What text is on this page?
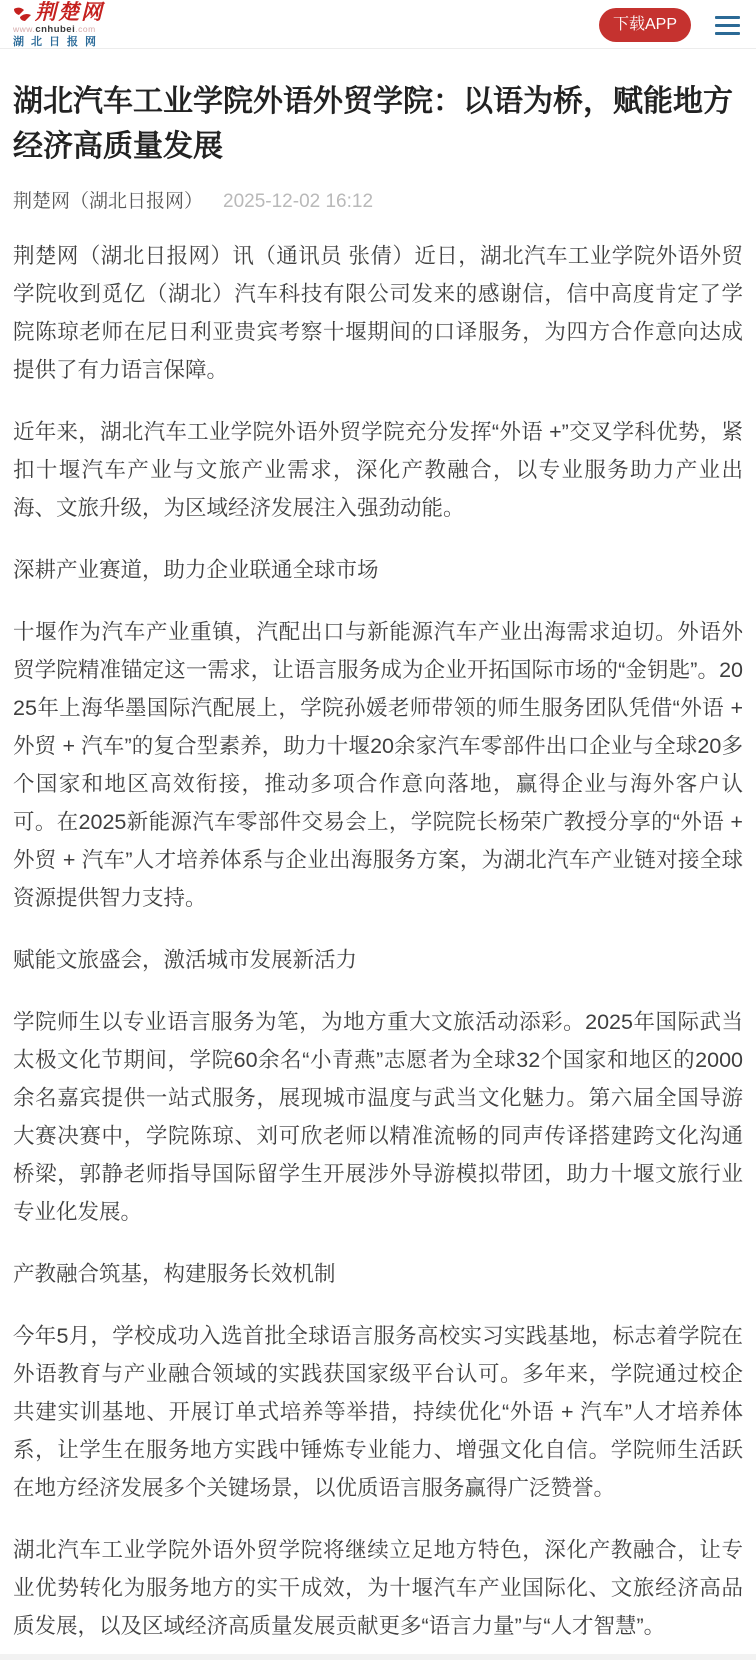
荆楚网
www.cnhubei.com
湖北日报网
下载APP
湖北汽车工业学院外语外贸学院：以语为桥，赋能地方经济高质量发展
荆楚网（湖北日报网） 2025-12-02 16:12

荆楚网（湖北日报网）讯（通讯员 张倩）近日，湖北汽车工业学院外语外贸学院收到觅亿（湖北）汽车科技有限公司发来的感谢信，信中高度肯定了学院陈琼老师在尼日利亚贵宾考察十堰期间的口译服务，为四方合作意向达成提供了有力语言保障。

近年来，湖北汽车工业学院外语外贸学院充分发挥“外语 +”交叉学科优势，紧扣十堰汽车产业与文旅产业需求，深化产教融合，以专业服务助力产业出海、文旅升级，为区域经济发展注入强劲动能。

深耕产业赛道，助力企业联通全球市场

十堰作为汽车产业重镇，汽配出口与新能源汽车产业出海需求迫切。外语外贸学院精准锚定这一需求，让语言服务成为企业开拓国际市场的“金钥匙”。2025年上海华墨国际汽配展上，学院孙媛老师带领的师生服务团队凭借“外语 + 外贸 + 汽车”的复合型素养，助力十堰20余家汽车零部件出口企业与全球20多个国家和地区高效衔接，推动多项合作意向落地，赢得企业与海外客户认可。在2025新能源汽车零部件交易会上，学院院长杨荣广教授分享的“外语 + 外贸 + 汽车”人才培养体系与企业出海服务方案，为湖北汽车产业链对接全球资源提供智力支持。

赋能文旅盛会，激活城市发展新活力

学院师生以专业语言服务为笔，为地方重大文旅活动添彩。2025年国际武当太极文化节期间，学院60余名“小青燕”志愿者为全球32个国家和地区的2000余名嘉宾提供一站式服务，展现城市温度与武当文化魅力。第六届全国导游大赛决赛中，学院陈琼、刘可欣老师以精准流畅的同声传译搭建跨文化沟通桥梁，郭静老师指导国际留学生开展涉外导游模拟带团，助力十堰文旅行业专业化发展。

产教融合筑基，构建服务长效机制

今年5月，学校成功入选首批全球语言服务高校实习实践基地，标志着学院在外语教育与产业融合领域的实践获国家级平台认可。多年来，学院通过校企共建实训基地、开展订单式培养等举措，持续优化“外语 + 汽车”人才培养体系，让学生在服务地方实践中锤炼专业能力、增强文化自信。学院师生活跃在地方经济发展多个关键场景，以优质语言服务赢得广泛赞誉。

湖北汽车工业学院外语外贸学院将继续立足地方特色，深化产教融合，让专业优势转化为服务地方的实干成效，为十堰汽车产业国际化、文旅经济高品质发展，以及区域经济高质量发展贡献更多“语言力量”与“人才智慧”。
